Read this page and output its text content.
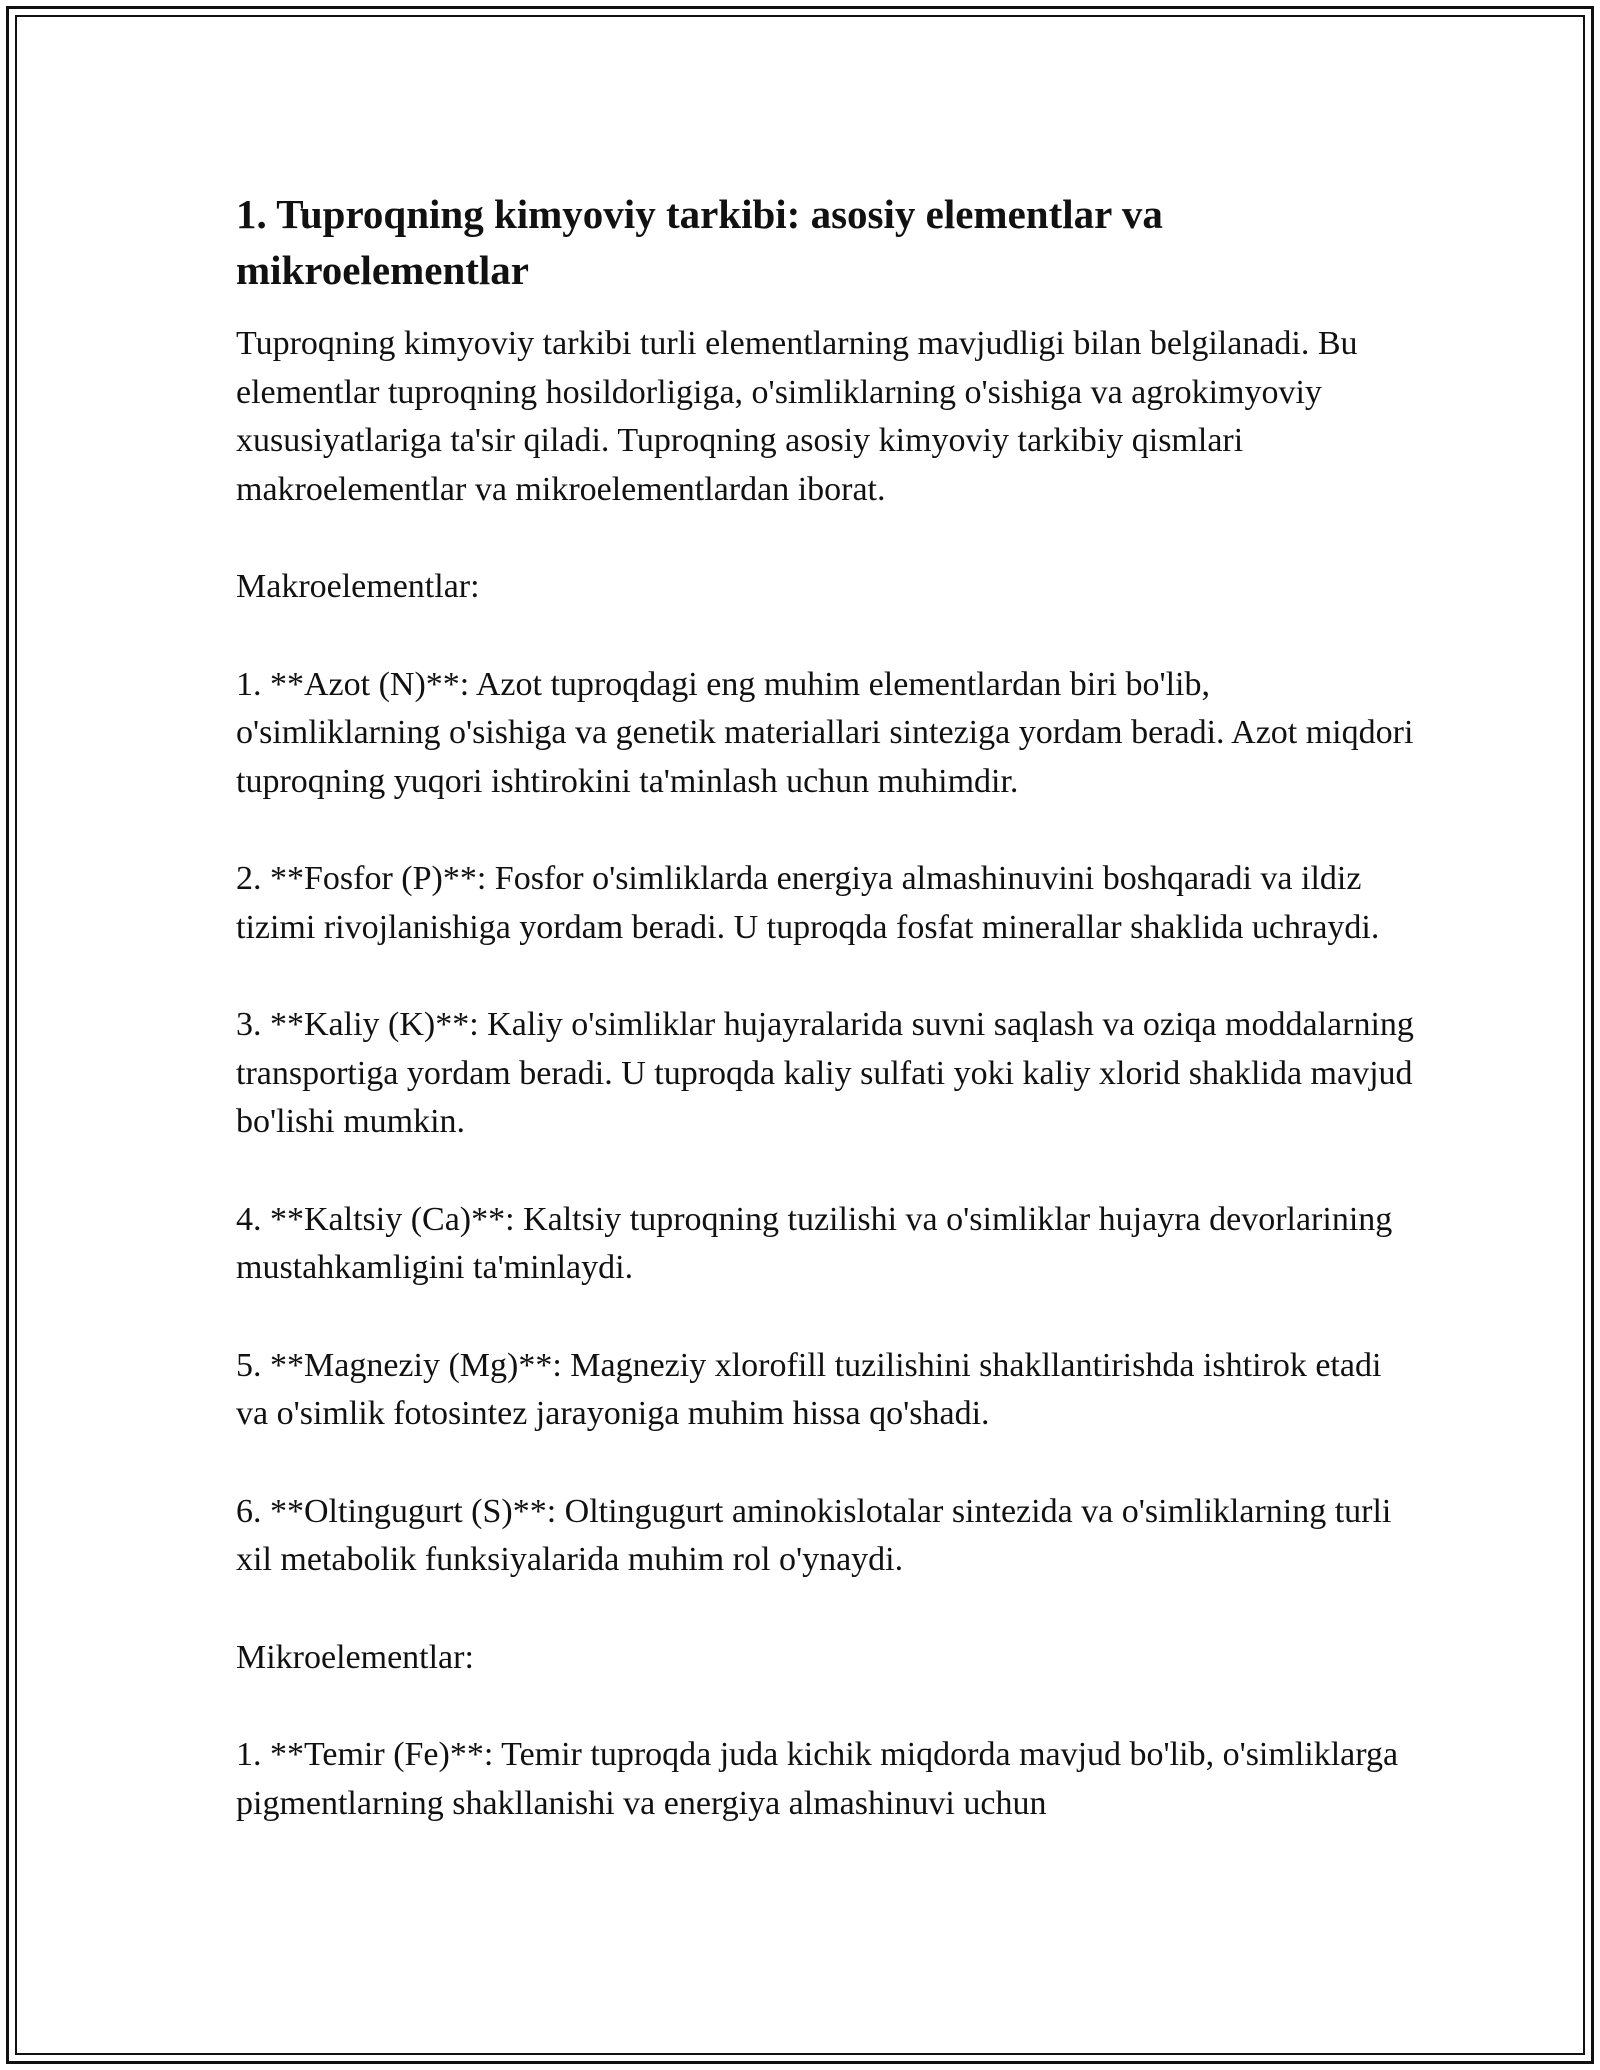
1. Tuproqning kimyoviy tarkibi: asosiy elementlar va mikroelementlar

Tuproqning kimyoviy tarkibi turli elementlarning mavjudligi bilan belgilanadi. Bu elementlar tuproqning hosildorligiga, o'simliklarning o'sishiga va agrokimyoviy xususiyatlariga ta'sir qiladi. Tuproqning asosiy kimyoviy tarkibiy qismlari makroelementlar va mikroelementlardan iborat.

Makroelementlar:

1. **Azot (N)**: Azot tuproqdagi eng muhim elementlardan biri bo'lib, o'simliklarning o'sishiga va genetik materiallari sinteziga yordam beradi. Azot miqdori tuproqning yuqori ishtirokini ta'minlash uchun muhimdir.

2. **Fosfor (P)**: Fosfor o'simliklarda energiya almashinuvini boshqaradi va ildiz tizimi rivojlanishiga yordam beradi. U tuproqda fosfat minerallar shaklida uchraydi.

3. **Kaliy (K)**: Kaliy o'simliklar hujayralarida suvni saqlash va oziqa moddalarning transportiga yordam beradi. U tuproqda kaliy sulfati yoki kaliy xlorid shaklida mavjud bo'lishi mumkin.

4. **Kaltsiy (Ca)**: Kaltsiy tuproqning tuzilishi va o'simliklar hujayra devorlarining mustahkamligini ta'minlaydi.

5. **Magneziy (Mg)**: Magneziy xlorofill tuzilishini shakllantirishda ishtirok etadi va o'simlik fotosintez jarayoniga muhim hissa qo'shadi.

6. **Oltingugurt (S)**: Oltingugurt aminokislotalar sintezida va o'simliklarning turli xil metabolik funksiyalarida muhim rol o'ynaydi.

Mikroelementlar:

1. **Temir (Fe)**: Temir tuproqda juda kichik miqdorda mavjud bo'lib, o'simliklarga pigmentlarning shakllanishi va energiya almashinuvi uchun
